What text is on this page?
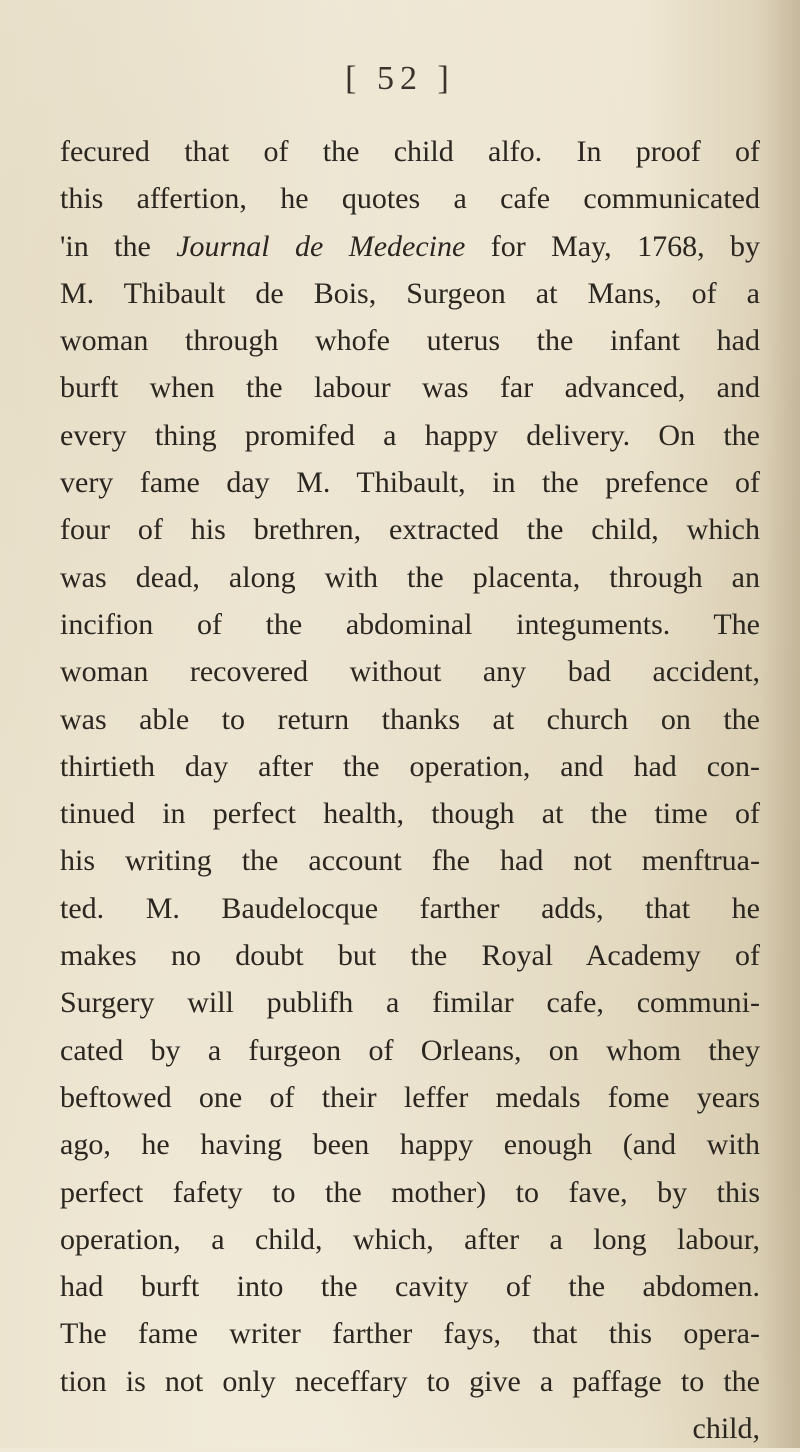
[ 52 ]
fecured that of the child alfo. In proof of
this affertion, he quotes a cafe communicated
'in the Journal de Medecine for May, 1768, by
M. Thibault de Bois, Surgeon at Mans, of a
woman through whofe uterus the infant had
burft when the labour was far advanced, and
every thing promifed a happy delivery. On the
very fame day M. Thibault, in the prefence of
four of his brethren, extracted the child, which
was dead, along with the placenta, through an
incifion of the abdominal integuments. The
woman recovered without any bad accident,
was able to return thanks at church on the
thirtieth day after the operation, and had con-
tinued in perfect health, though at the time of
his writing the account fhe had not menftrua-
ted. M. Baudelocque farther adds, that he
makes no doubt but the Royal Academy of
Surgery will publifh a fimilar cafe, communi-
cated by a furgeon of Orleans, on whom they
beftowed one of their leffer medals fome years
ago, he having been happy enough (and with
perfect fafety to the mother) to fave, by this
operation, a child, which, after a long labour,
had burft into the cavity of the abdomen.
The fame writer farther fays, that this opera-
tion is not only neceffary to give a paffage to the
child,
